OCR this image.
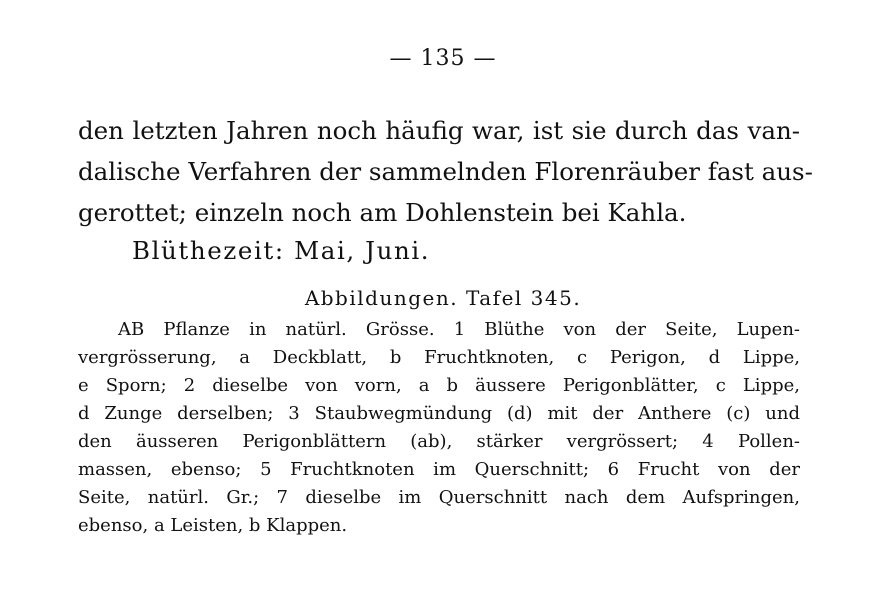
— 135 —

den letzten Jahren noch häufig war, ist sie durch das van-

dalische Verfahren der sammelnden Florenräuber fast aus-

gerottet; einzeln noch am Dohlenstein bei Kahla.

Blüthezeit: Mai, Juni.

Abbildungen. Tafel 345.

AB Pflanze in natürl. Grösse. 1 Blüthe von der Seite, Lupen-

vergrösserung, a Deckblatt, b Fruchtknoten, c Perigon, d Lippe,

e Sporn; 2 dieselbe von vorn, a b äussere Perigonblätter, c Lippe,

d Zunge derselben; 3 Staubwegmündung (d) mit der Anthere (c) und

den äusseren Perigonblättern (ab), stärker vergrössert; 4 Pollen-

massen, ebenso; 5 Fruchtknoten im Querschnitt; 6 Frucht von der

Seite, natürl. Gr.; 7 dieselbe im Querschnitt nach dem Aufspringen,

ebenso, a Leisten, b Klappen.
